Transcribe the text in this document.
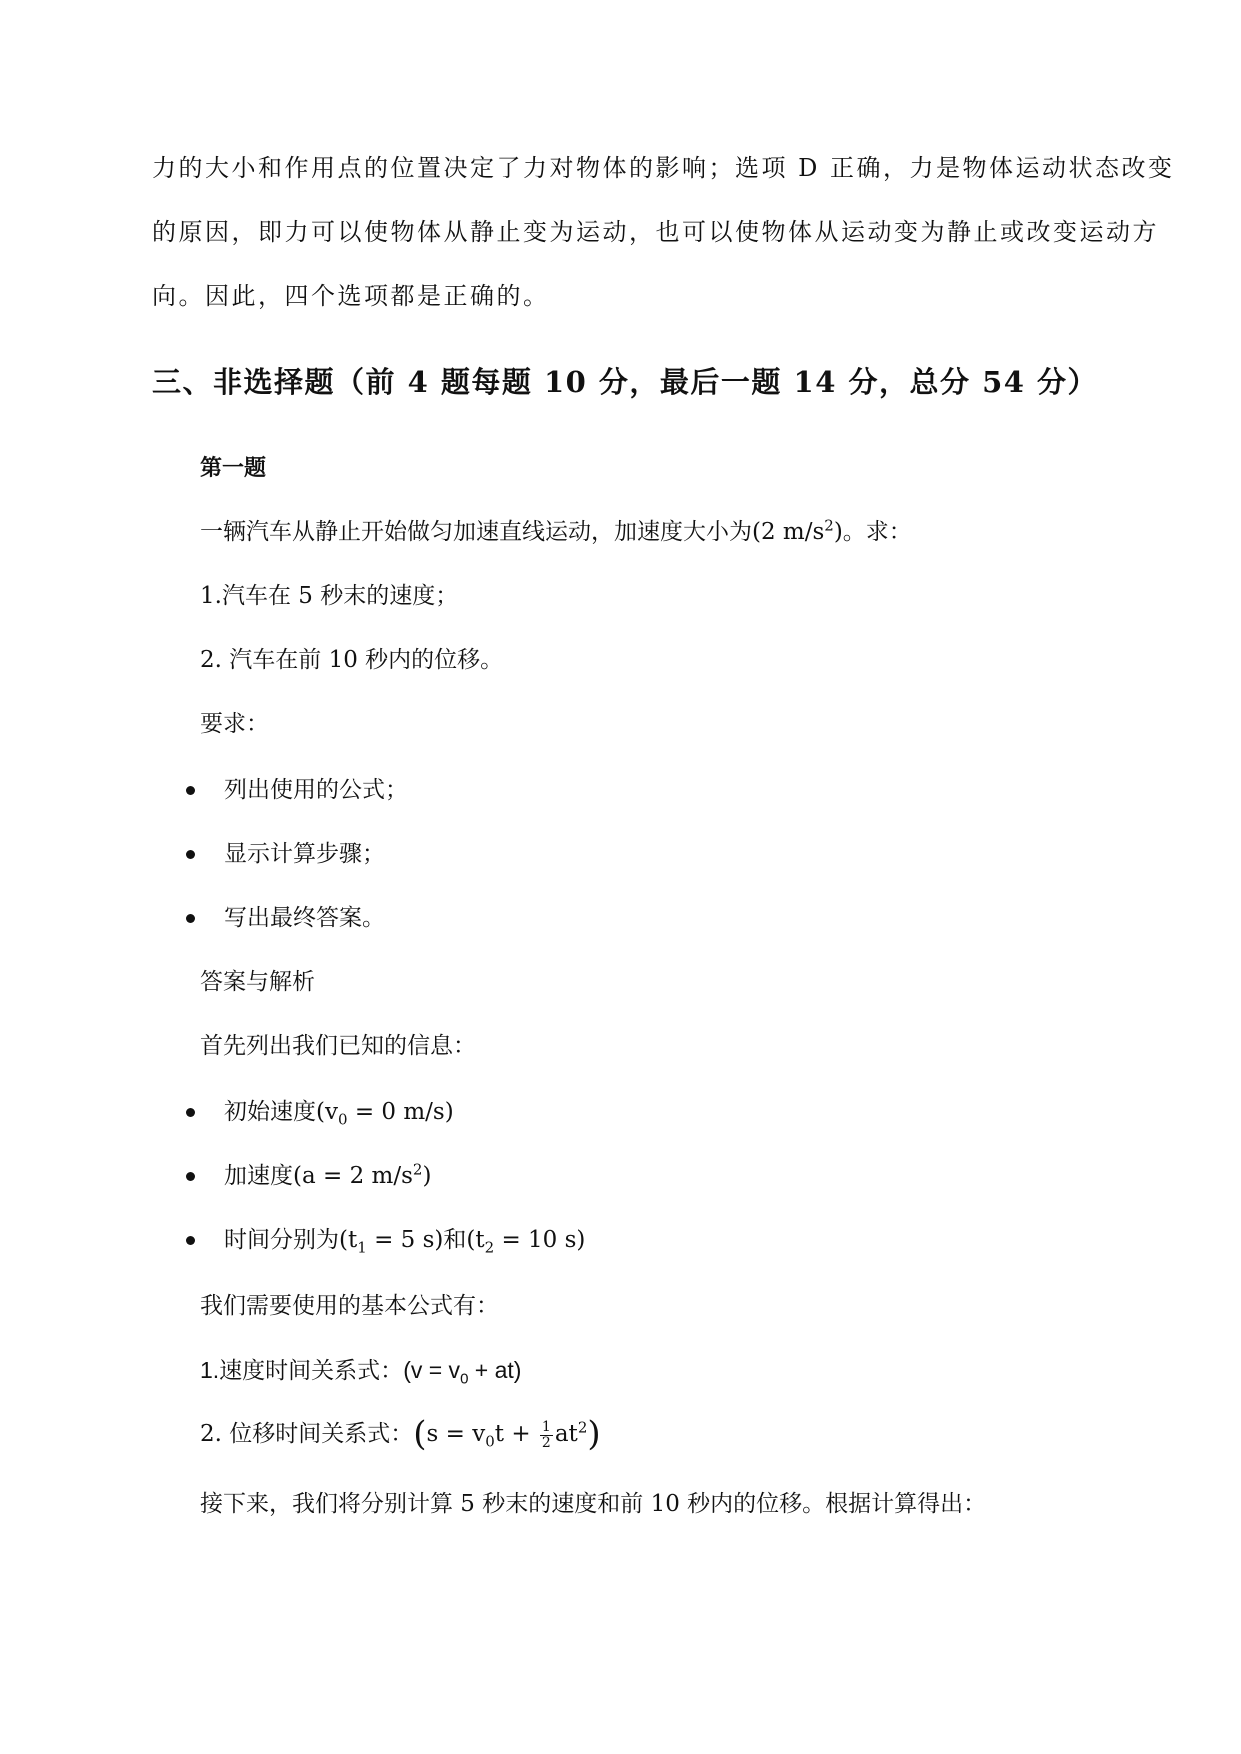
力的大小和作用点的位置决定了力对物体的影响；选项 D 正确，力是物体运动状态改变
的原因，即力可以使物体从静止变为运动，也可以使物体从运动变为静止或改变运动方
向。因此，四个选项都是正确的。
三、非选择题（前 4 题每题 10 分，最后一题 14 分，总分 54 分）
第一题
一辆汽车从静止开始做匀加速直线运动，加速度大小为(2 $m/s^2$)。求：
1.汽车在 5 秒末的速度；
2. 汽车在前 10 秒内的位移。
要求：
列出使用的公式；
显示计算步骤；
写出最终答案。
答案与解析
首先列出我们已知的信息：
初始速度($v_0 = 0$ m/s)
加速度(a = 2 $m/s^2$)
时间分别为($t_1 = 5$ s)和($t_2 = 10$ s)
我们需要使用的基本公式有：
1.速度时间关系式：$(v = v_0 + at)$
2. 位移时间关系式：$(s = v_0t + \frac{1}{2} at^2)$
接下来，我们将分别计算 5 秒末的速度和前 10 秒内的位移。根据计算得出：
